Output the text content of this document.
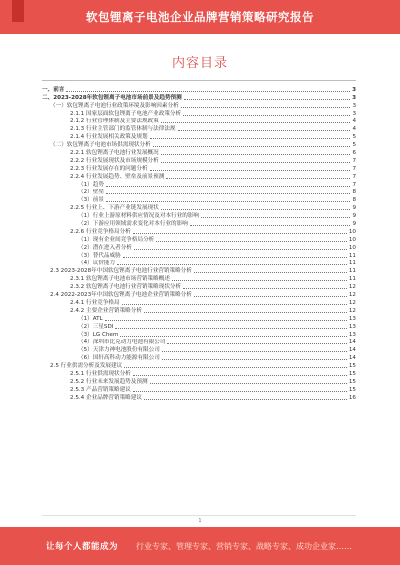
软包锂离子电池企业品牌营销策略研究报告
内容目录
一、前言	3
二、2023-2028年软包锂离子电池市场前景及趋势预测	3
（一）软包锂离子电池行业政策环境及影响因素分析	3
2.1.1 国家层面软包锂离子电池产业政策分析	3
2.1.2 行业管理体制及主要法规政策	4
2.1.3 行业主管部门的监管体制与法律法规	4
2.1.4 行业发展相关政策及规划	5
（二）软包锂离子电池市场供需现状分析	5
2.2.1 软包锂离子电池行业发展概况	6
2.2.2 行业发展现状及市场规模分析	7
2.2.3 行业发展存在的问题分析	7
2.2.4 行业发展趋势、壁垒及前景预测	7
（1）趋势	7
（2）壁垒	8
（3）前景	8
2.2.5 行业上、下游产业链发展现状	9
（1）行业上游原材料供应情况及对本行业的影响	9
（2）下游应用领域需求变化对本行业的影响	9
2.2.6 行业竞争格局分析	10
（1）现有企业间竞争格局分析	10
（2）潜在进入者分析	10
（3）替代品威胁	11
（4）议价能力	11
2.3 2023-2028年中国软包锂离子电池行业营销策略分析	11
2.3.1 软包锂离子电池市场营销策略概述	11
2.3.2 软包锂离子电池行业营销策略现状分析	12
2.4 2022-2023年中国软包锂离子电池企业营销策略分析	12
2.4.1 行业竞争格局	12
2.4.2 主要企业营销策略分析	12
（1）ATL	13
（2）三星SDI	13
（3）LG Chem	13
（4）深圳市比克动力电池有限公司	14
（5）天津力神电池股份有限公司	14
（6）国轩高科动力能源有限公司	14
2.5 行业供需分析及发展建议	15
2.5.1 行业供需现状分析	15
2.5.2 行业未来发展趋势及预测	15
2.5.3 产品营销策略建议	15
2.5.4 企业品牌营销策略建议	16
1
让每个人都能成为 行业专家、管理专家、营销专家、战略专家、成功企业家……
